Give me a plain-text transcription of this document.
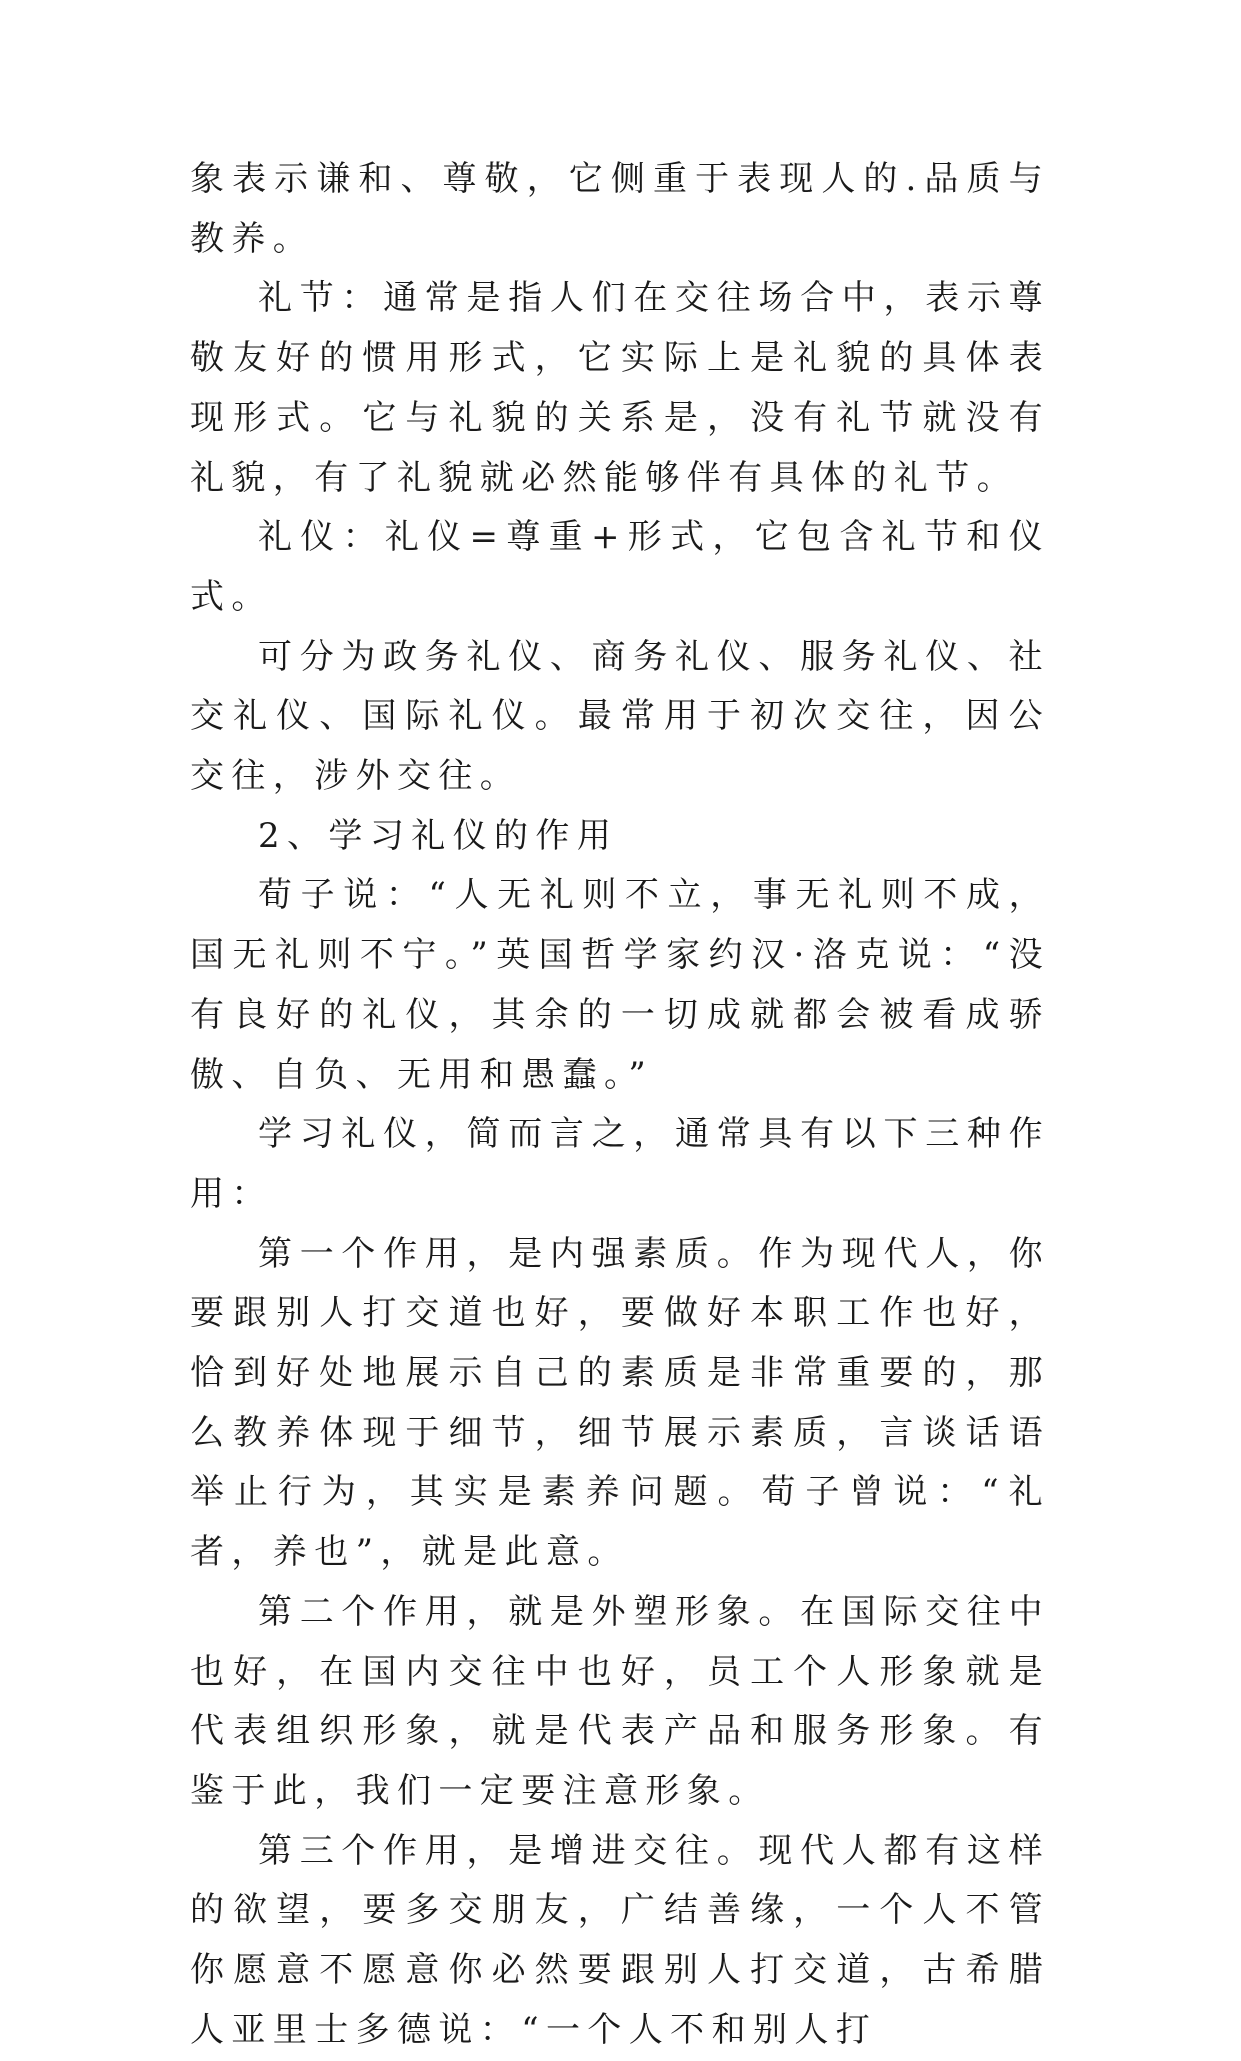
象表示谦和、尊敬，它侧重于表现人的.品质与教养。

礼节：通常是指人们在交往场合中，表示尊敬友好的惯用形式，它实际上是礼貌的具体表现形式。它与礼貌的关系是，没有礼节就没有礼貌，有了礼貌就必然能够伴有具体的礼节。

礼仪：礼仪=尊重+形式，它包含礼节和仪式。

可分为政务礼仪、商务礼仪、服务礼仪、社交礼仪、国际礼仪。最常用于初次交往，因公交往，涉外交往。

2、学习礼仪的作用

荀子说：“人无礼则不立，事无礼则不成，国无礼则不宁。”英国哲学家约汉·洛克说：“没有良好的礼仪，其余的一切成就都会被看成骄傲、自负、无用和愚蠢。”

学习礼仪，简而言之，通常具有以下三种作用：

第一个作用，是内强素质。作为现代人，你要跟别人打交道也好，要做好本职工作也好，恰到好处地展示自己的素质是非常重要的，那么教养体现于细节，细节展示素质，言谈话语举止行为，其实是素养问题。荀子曾说：“礼者，养也”，就是此意。

第二个作用，就是外塑形象。在国际交往中也好，在国内交往中也好，员工个人形象就是代表组织形象，就是代表产品和服务形象。有鉴于此，我们一定要注意形象。

第三个作用，是增进交往。现代人都有这样的欲望，要多交朋友，广结善缘，一个人不管你愿意不愿意你必然要跟别人打交道，古希腊人亚里士多德说：“一个人不和别人打
